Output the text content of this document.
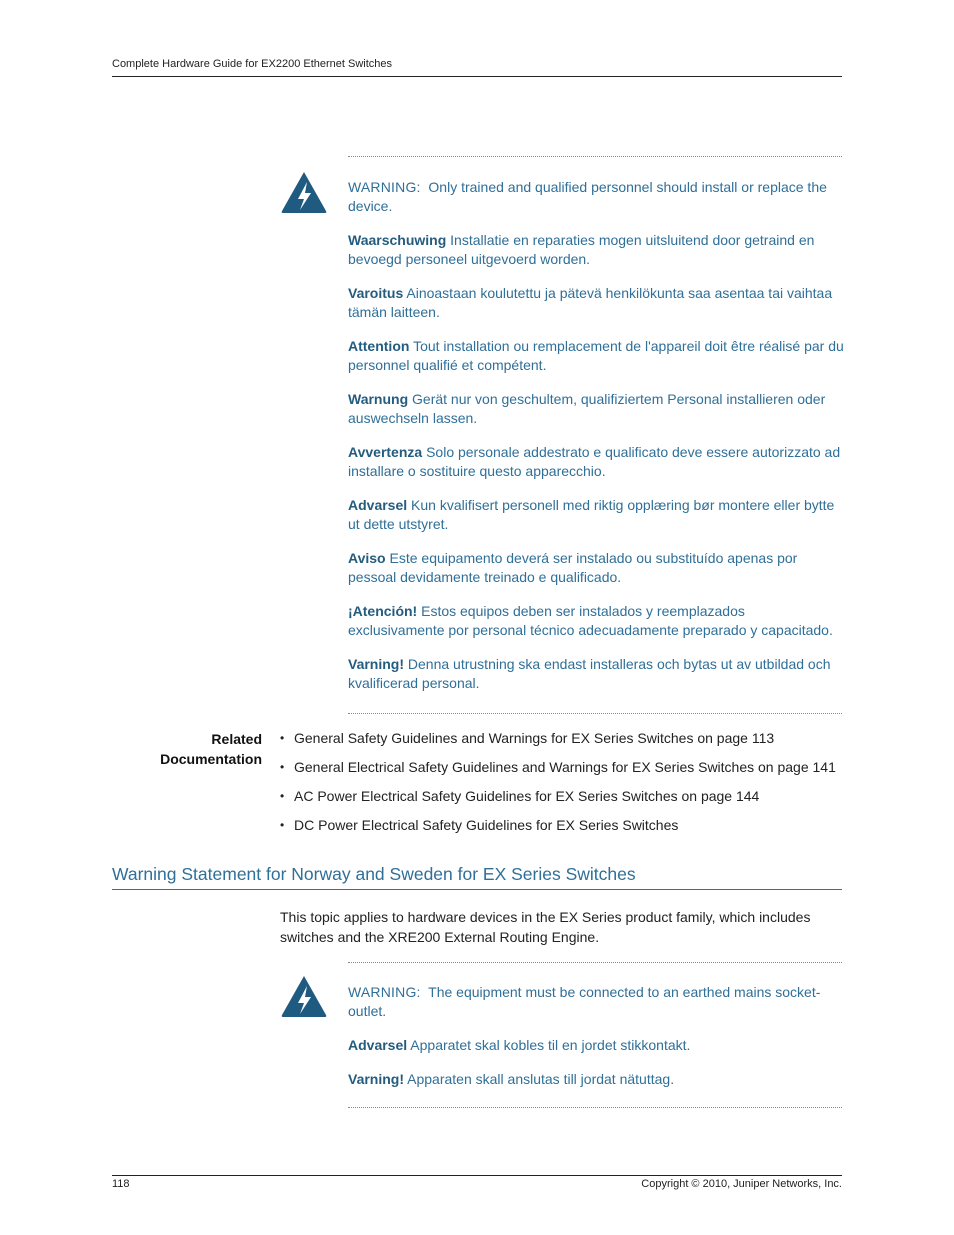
Complete Hardware Guide for EX2200 Ethernet Switches

WARNING: Only trained and qualified personnel should install or replace the device.

Waarschuwing Installatie en reparaties mogen uitsluitend door getraind en bevoegd personeel uitgevoerd worden.

Varoitus Ainoastaan koulutettu ja pätevä henkilökunta saa asentaa tai vaihtaa tämän laitteen.

Attention Tout installation ou remplacement de l'appareil doit être réalisé par du personnel qualifié et compétent.

Warnung Gerät nur von geschultem, qualifiziertem Personal installieren oder auswechseln lassen.

Avvertenza Solo personale addestrato e qualificato deve essere autorizzato ad installare o sostituire questo apparecchio.

Advarsel Kun kvalifisert personell med riktig opplæring bør montere eller bytte ut dette utstyret.

Aviso Este equipamento deverá ser instalado ou substituído apenas por pessoal devidamente treinado e qualificado.

¡Atención! Estos equipos deben ser instalados y reemplazados exclusivamente por personal técnico adecuadamente preparado y capacitado.

Varning! Denna utrustning ska endast installeras och bytas ut av utbildad och kvalificerad personal.

Related
Documentation
• General Safety Guidelines and Warnings for EX Series Switches on page 113
• General Electrical Safety Guidelines and Warnings for EX Series Switches on page 141
• AC Power Electrical Safety Guidelines for EX Series Switches on page 144
• DC Power Electrical Safety Guidelines for EX Series Switches
Warning Statement for Norway and Sweden for EX Series Switches

This topic applies to hardware devices in the EX Series product family, which includes switches and the XRE200 External Routing Engine.

WARNING: The equipment must be connected to an earthed mains socket-outlet.

Advarsel Apparatet skal kobles til en jordet stikkontakt.

Varning! Apparaten skall anslutas till jordat nätuttag.

118	Copyright © 2010, Juniper Networks, Inc.
